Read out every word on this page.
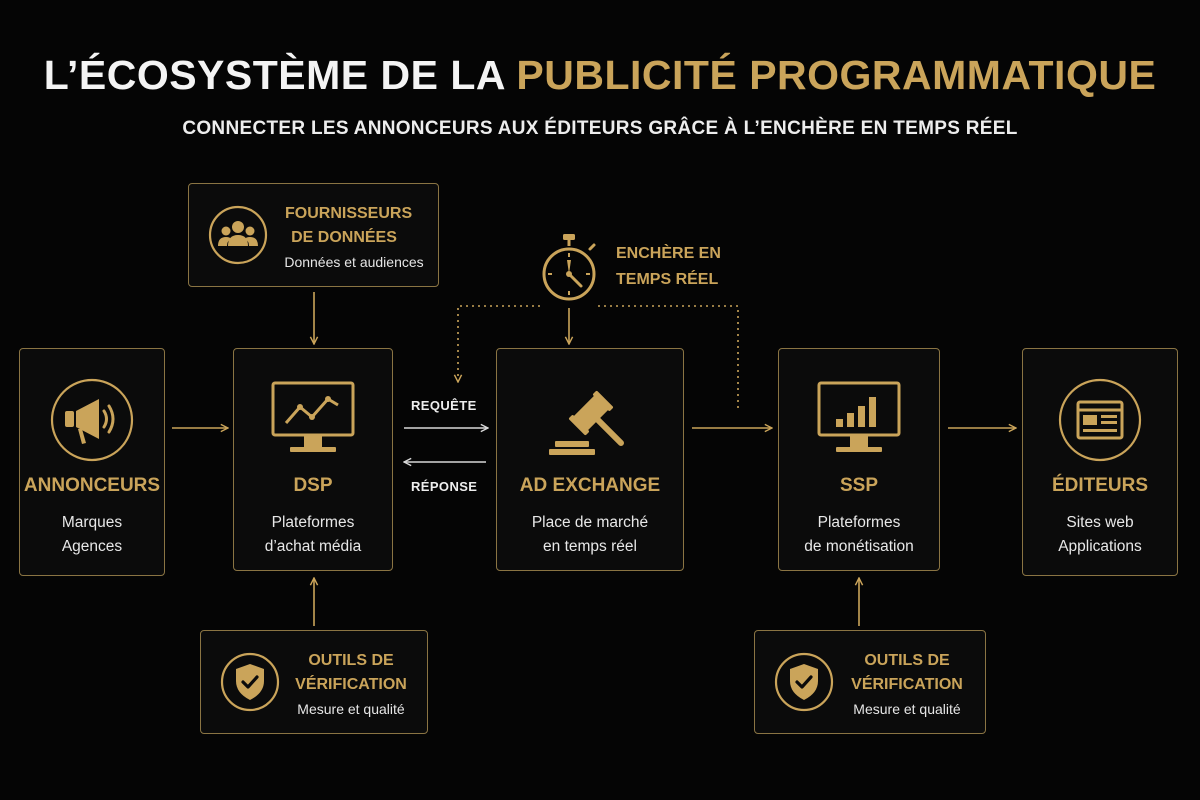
L’ÉCOSYSTÈME DE LA PUBLICITÉ PROGRAMMATIQUE
CONNECTER LES ANNONCEURS AUX ÉDITEURS GRÂCE À L’ENCHÈRE EN TEMPS RÉEL
REQUÊTE
RÉPONSE
ENCHÈRE EN
TEMPS RÉEL
ANNONCEURS
Marques
Agences
DSP
Plateformes
d’achat média
AD EXCHANGE
Place de marché
en temps réel
SSP
Plateformes
de monétisation
ÉDITEURS
Sites web
Applications
FOURNISSEURS
DE DONNÉES
Données et audiences
OUTILS DE
VÉRIFICATION
Mesure et qualité
OUTILS DE
VÉRIFICATION
Mesure et qualité
